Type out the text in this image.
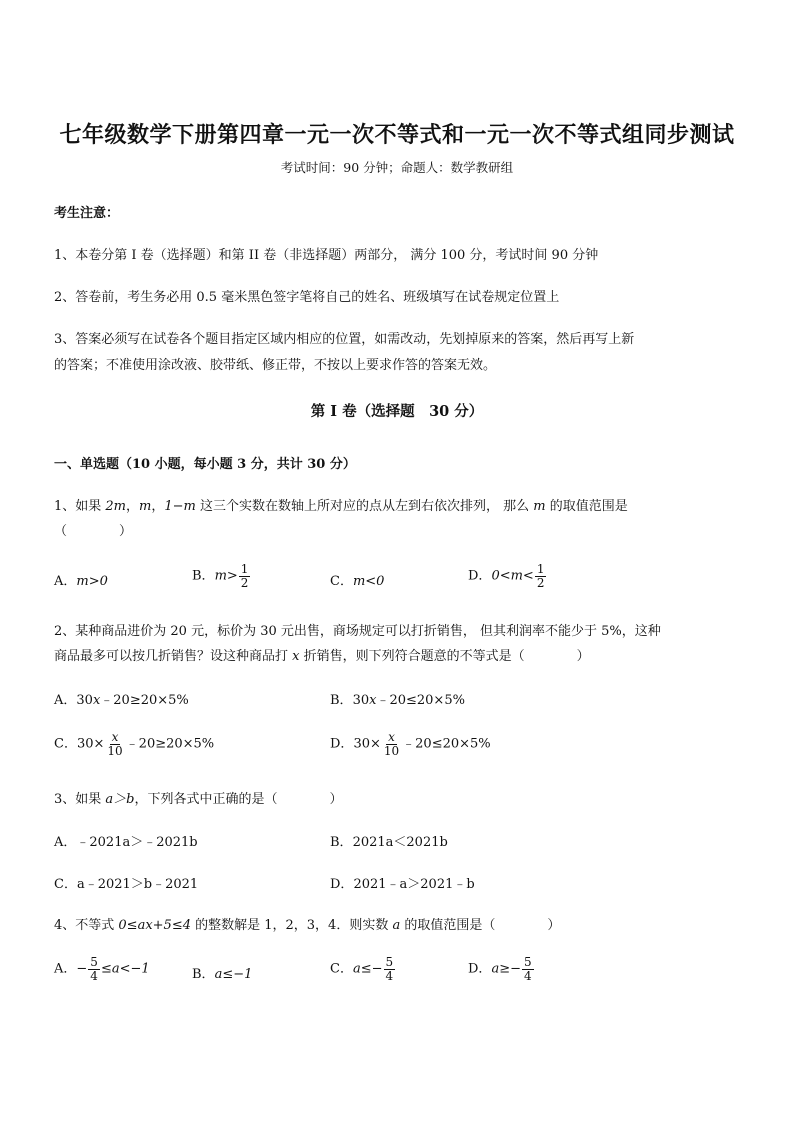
七年级数学下册第四章一元一次不等式和一元一次不等式组同步测试
考试时间：90 分钟；命题人：数学教研组
考生注意：
1、本卷分第 I 卷（选择题）和第 II 卷（非选择题）两部分， 满分 100 分，考试时间 90 分钟
2、答卷前，考生务必用 0.5 毫米黑色签字笔将自己的姓名、班级填写在试卷规定位置上
3、答案必须写在试卷各个题目指定区域内相应的位置，如需改动，先划掉原来的答案，然后再写上新
的答案；不准使用涂改液、胶带纸、修正带，不按以上要求作答的答案无效。
第 I 卷（选择题　30 分）
一、单选题（10 小题，每小题 3 分，共计 30 分）
1、如果 2m，m，1−m 这三个实数在数轴上所对应的点从左到右依次排列， 那么 m 的取值范围是
（　　　　）
A．m>0	B．$m> \frac{1}{2}$	C．m<0	D．$0<m< \frac{1}{2}$
2、某种商品进价为 20 元，标价为 30 元出售，商场规定可以打折销售， 但其利润率不能少于 5%，这种
商品最多可以按几折销售？设这种商品打 x 折销售，则下列符合题意的不等式是（　　　　）
A．30x﹣20≥20×5%	B．30x﹣20≤20×5%
C．$30\times \frac{x}{10}$ ﹣20≥20×5%	D．$30\times \frac{x}{10}$ ﹣20≤20×5%
3、如果 a＞b，下列各式中正确的是（　　　　）
A．﹣2021a＞﹣2021b	B．2021a＜2021b
C．a﹣2021＞b﹣2021	D．2021﹣a＞2021﹣b
4、不等式 0≤ax+5≤4 的整数解是 1，2，3，4．则实数 a 的取值范围是（　　　　）
A．− $\frac{5}{4} \le a<-1$	B．a≤−1	C．$a\le- \frac{5}{4}$	D．$a\ge- \frac{5}{4}$
